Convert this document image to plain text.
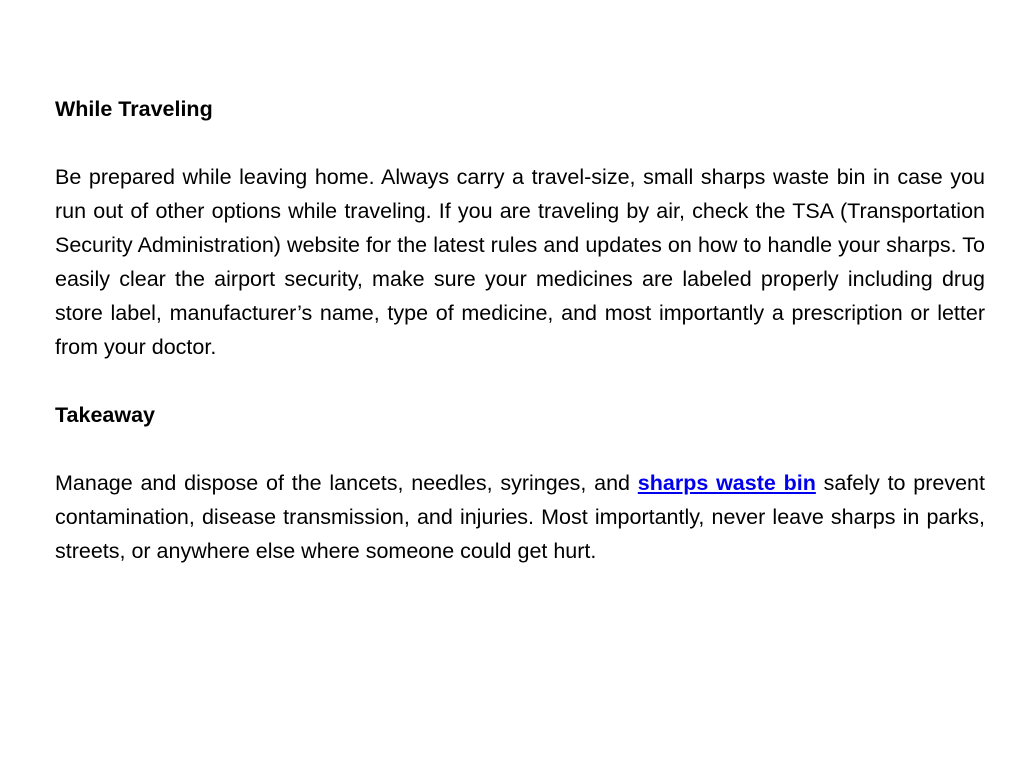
While Traveling

Be prepared while leaving home. Always carry a travel-size, small sharps waste bin in case you run out of other options while traveling. If you are traveling by air, check the TSA (Transportation Security Administration) website for the latest rules and updates on how to handle your sharps. To easily clear the airport security, make sure your medicines are labeled properly including drug store label, manufacturer’s name, type of medicine, and most importantly a prescription or letter from your doctor.

Takeaway

Manage and dispose of the lancets, needles, syringes, and sharps waste bin safely to prevent contamination, disease transmission, and injuries. Most importantly, never leave sharps in parks, streets, or anywhere else where someone could get hurt.
